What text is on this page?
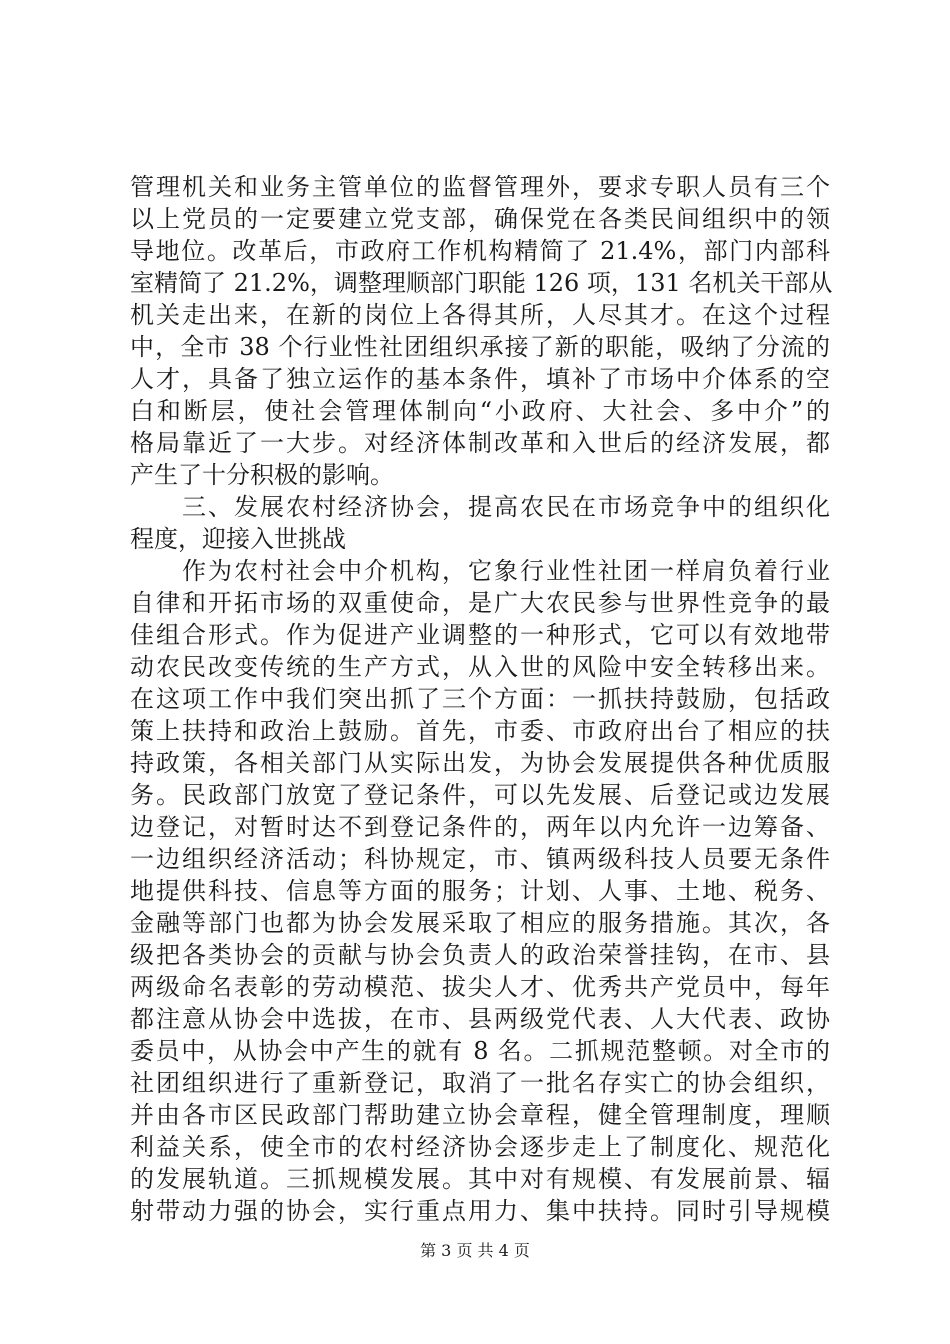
管理机关和业务主管单位的监督管理外，要求专职人员有三个
以上党员的一定要建立党支部，确保党在各类民间组织中的领
导地位。改革后，市政府工作机构精简了 21.4%，部门内部科
室精简了 21.2%，调整理顺部门职能 126 项，131 名机关干部从
机关走出来，在新的岗位上各得其所，人尽其才。在这个过程
中，全市 38 个行业性社团组织承接了新的职能，吸纳了分流的
人才，具备了独立运作的基本条件，填补了市场中介体系的空
白和断层，使社会管理体制向“小政府、大社会、多中介”的
格局靠近了一大步。对经济体制改革和入世后的经济发展，都
产生了十分积极的影响。
　　三、发展农村经济协会，提高农民在市场竞争中的组织化
程度，迎接入世挑战
　　作为农村社会中介机构，它象行业性社团一样肩负着行业
自律和开拓市场的双重使命，是广大农民参与世界性竞争的最
佳组合形式。作为促进产业调整的一种形式，它可以有效地带
动农民改变传统的生产方式，从入世的风险中安全转移出来。
在这项工作中我们突出抓了三个方面：一抓扶持鼓励，包括政
策上扶持和政治上鼓励。首先，市委、市政府出台了相应的扶
持政策，各相关部门从实际出发，为协会发展提供各种优质服
务。民政部门放宽了登记条件，可以先发展、后登记或边发展
边登记，对暂时达不到登记条件的，两年以内允许一边筹备、
一边组织经济活动；科协规定，市、镇两级科技人员要无条件
地提供科技、信息等方面的服务；计划、人事、土地、税务、
金融等部门也都为协会发展采取了相应的服务措施。其次，各
级把各类协会的贡献与协会负责人的政治荣誉挂钩，在市、县
两级命名表彰的劳动模范、拔尖人才、优秀共产党员中，每年
都注意从协会中选拔，在市、县两级党代表、人大代表、政协
委员中，从协会中产生的就有 8 名。二抓规范整顿。对全市的
社团组织进行了重新登记，取消了一批名存实亡的协会组织，
并由各市区民政部门帮助建立协会章程，健全管理制度，理顺
利益关系，使全市的农村经济协会逐步走上了制度化、规范化
的发展轨道。三抓规模发展。其中对有规模、有发展前景、辐
射带动力强的协会，实行重点用力、集中扶持。同时引导规模
第 3 页 共 4 页
